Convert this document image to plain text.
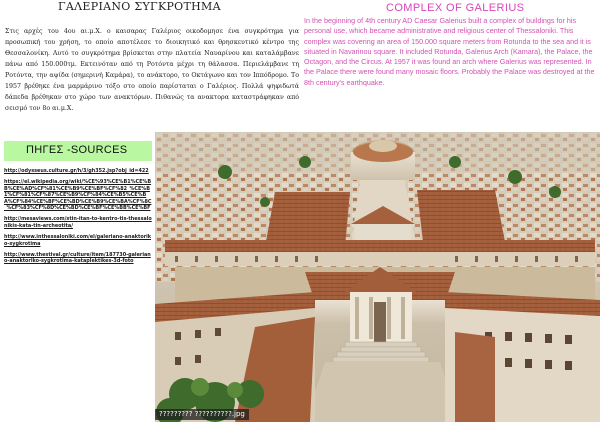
ΓΑΛΕΡΙΑΝΟ ΣΥΓΚΡΟΤΗΜΑ
Στις αρχές του 4ου αι.μ.Χ. ο καισαρας Γαλέριος οικοδομησε ένα συγκρότημα για προσωπική του χρήση, το οποίο αποτέλεσε το διοικητικό και θρησκευτικό κέντρο της Θεσσαλονίκη. Αυτό το συγκρότημα βρίσκεται στην πλατεία Ναυαρίνου και καταλάμβανε πάνω από 150.000τμ. Εκτεινόταν από τη Ροτόντα μέχρι τη θάλασσα. Περιελάμβανε τη Ροτόντα, την αψίδα (σημερινή Καμάρα), το ανάκτορο, το Οκτάγωνο και τον Ιππόδρομο. Το 1957 βρέθηκε ένα μαρμάρινο τόξο στο οποίο παρίσταται ο Γαλέριος. Πολλά ψηφιδωτά δάπεδα βρέθηκαν στο χώρο των ανακτόρων. Πιθανώς τα ανακτορα καταστράφηκαν από σεισμό τον 8ο αι.μ.Χ.
COMPLEX OF GALERIUS
In the beginning of 4th century AD Caesar Galerius built a complex of buildings for his personal use, which became administrative and religious center of Thessaloniki. This complex was covering an area of 150.000 square meters from Rotunda to the sea and it is situated in Navarinou square. It included Rotunda, Galerius Arch (Kamara), the Palace, the Octagon, and the Circus. At 1957 it was found an arch where Galerius was represented. In the Palace there were found many mosaic floors. Probably the Palace was destroyed at the 8th century's earthquake.
ΠΗΓΕΣ -SOURCES
http://odysseus.culture.gr/h/3/gh352.jsp?obj_id=422
https://el.wikipedia.org/wiki/%CE%93%CE%B1%CE%BB%CE%AD%CF%81%CE%B9%CE%BF%CF%82_%CE%B1%CF%81%CF%87%CE%B9%CF%84%CE%B5%CE%BA%CF%84%CE%BF%CE%BD%CE%B9%CE%BA%CF%8C_%CF%83%CF%8D%CE%BD%CE%BF%CE%BB%CE%BF
http://mesaviews.com/stin-itan-to-kentro-tis-thessalonikis-kata-tin-archeotita/
http://www.inthessaloniki.com/el/galeriano-anaktoriko-sygkrotima
http://www.thestival.gr/culture/item/187730-galeriano-anaktoriko-sygkrotima-kataplektikes-3d-foto
????????? ??????????.jpg
